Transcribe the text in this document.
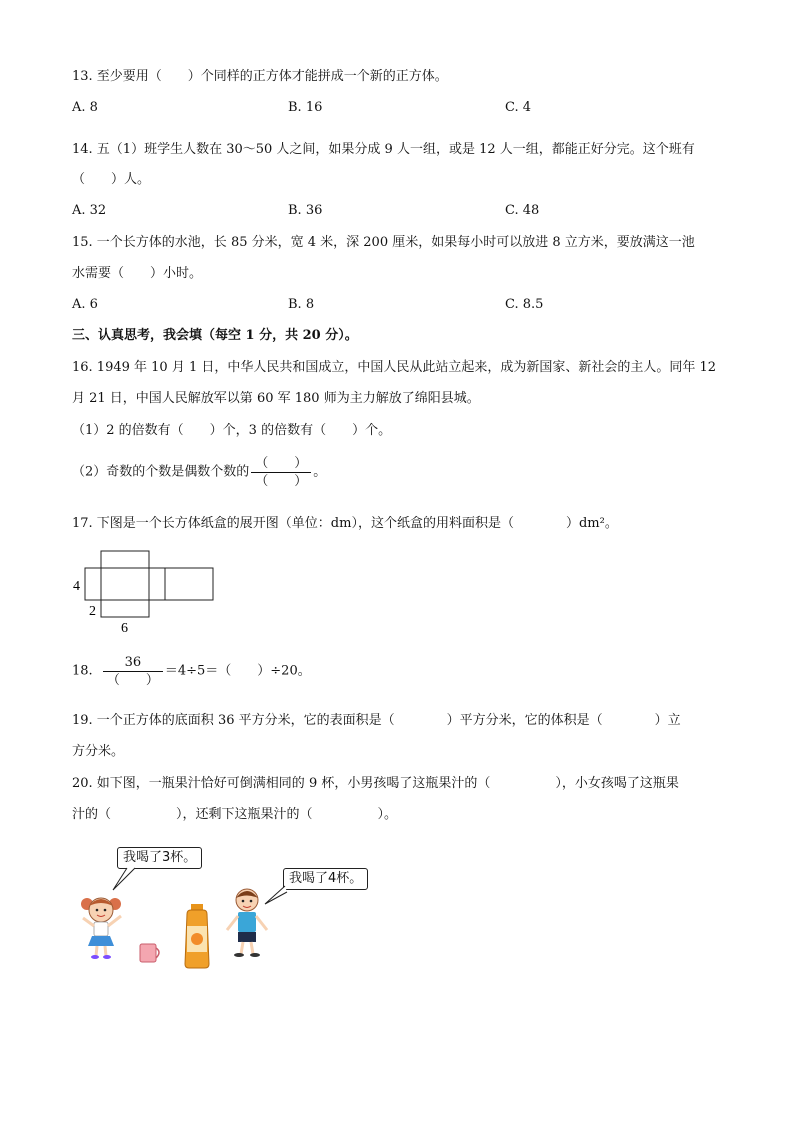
13. 至少要用（　　）个同样的正方体才能拼成一个新的正方体。
A. 8	B. 16	C. 4
14. 五（1）班学生人数在 30～50 人之间，如果分成 9 人一组，或是 12 人一组，都能正好分完。这个班有
（　　）人。
A. 32	B. 36	C. 48
15. 一个长方体的水池，长 85 分米，宽 4 米，深 200 厘米，如果每小时可以放进 8 立方米，要放满这一池
水需要（　　）小时。
A. 6	B. 8	C. 8.5
三、认真思考，我会填（每空 1 分，共 20 分）。
16. 1949 年 10 月 1 日，中华人民共和国成立，中国人民从此站立起来，成为新国家、新社会的主人。同年 12
月 21 日，中国人民解放军以第 60 军 180 师为主力解放了绵阳县城。
（1）2 的倍数有（　　）个，3 的倍数有（　　）个。
（2）奇数的个数是偶数个数的 $\frac{( )}{( )}$ 。
17. 下图是一个长方体纸盒的展开图（单位：dm），这个纸盒的用料面积是（　　　　）dm²。
4
2
6
18. $\frac{36}{( )} =4\div 5=$（　　）÷20。
19. 一个正方体的底面积 36 平方分米，它的表面积是（　　　　）平方分米，它的体积是（　　　　）立
方分米。
20. 如下图，一瓶果汁恰好可倒满相同的 9 杯，小男孩喝了这瓶果汁的（　　　　　），小女孩喝了这瓶果
汁的（　　　　　），还剩下这瓶果汁的（　　　　　）。
我喝了3杯。
我喝了4杯。
